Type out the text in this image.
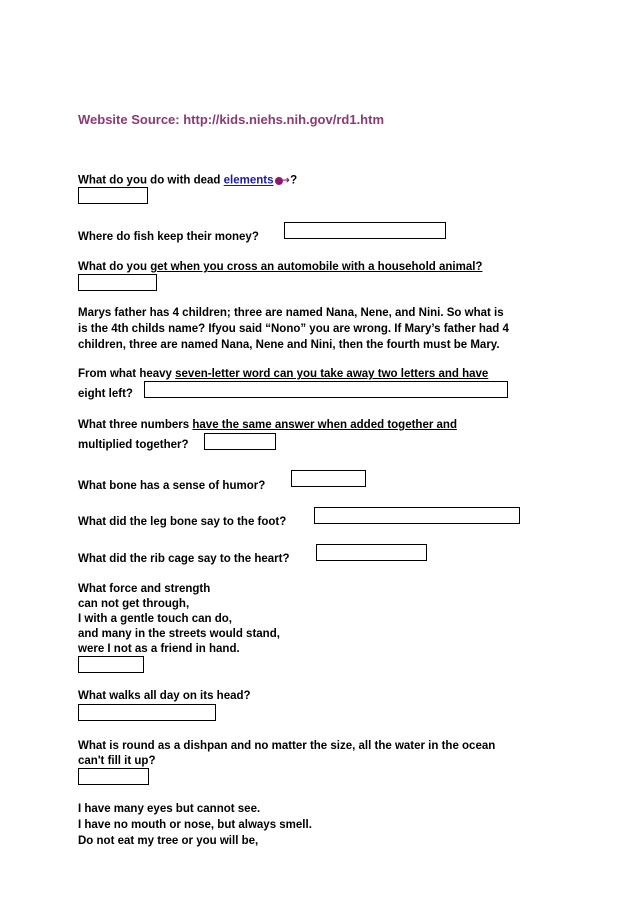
Website Source: http://kids.niehs.nih.gov/rd1.htm
What do you do with dead elements ➜?
Where do fish keep their money?
What do you get when you cross an automobile with a household animal?
Marys father has 4 children; three are named Nana, Nene, and Nini. So what is
is the 4th childs name? Ifyou said “Nono” you are wrong. If Mary’s father had 4
children, three are named Nana, Nene and Nini, then the fourth must be Mary.
From what heavy seven-letter word can you take away two letters and have
eight left?
What three numbers have the same answer when added together and
multiplied together?
What bone has a sense of humor?
What did the leg bone say to the foot?
What did the rib cage say to the heart?
What force and strength
can not get through,
I with a gentle touch can do,
and many in the streets would stand,
were I not as a friend in hand.
What walks all day on its head?
What is round as a dishpan and no matter the size, all the water in the ocean
can't fill it up?
I have many eyes but cannot see.
I have no mouth or nose, but always smell.
Do not eat my tree or you will be,
